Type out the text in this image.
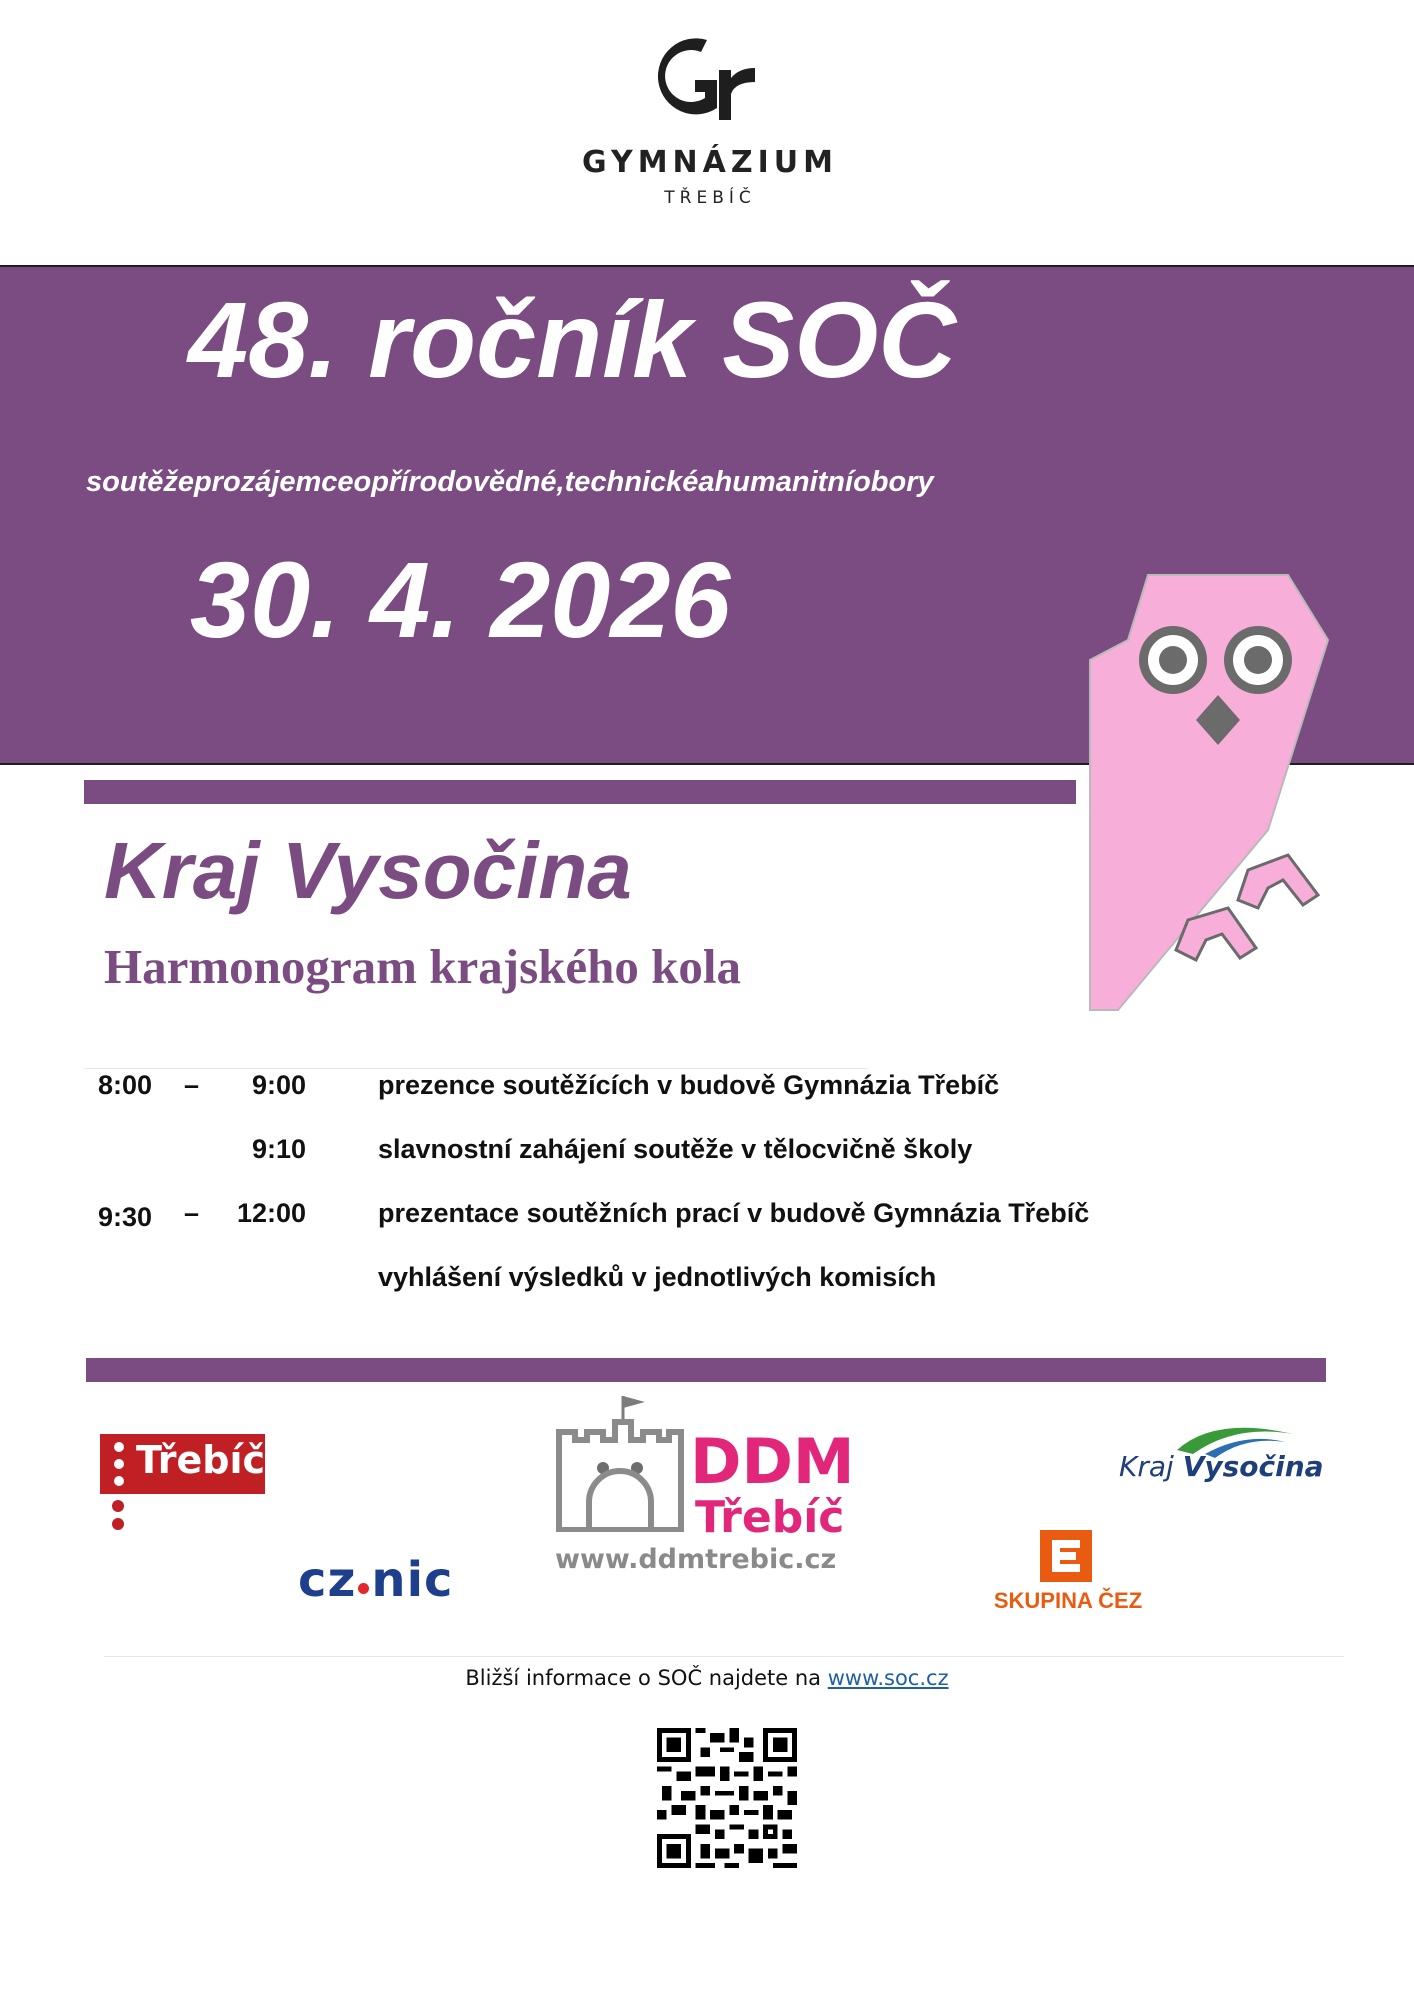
GYMNÁZIUM
TŘEBÍČ
48. ročník SOČ
soutěžeprozájemceopřírodovědné,technickéahumanitníobory
30. 4. 2026
Kraj Vysočina
Harmonogram krajského kola
8:00 – 9:00	prezence soutěžících v budově Gymnázia Třebíč
9:10	slavnostní zahájení soutěže v tělocvičně školy
9:30 – 12:00	prezentace soutěžních prací v budově Gymnázia Třebíč
vyhlášení výsledků v jednotlivých komisích
Třebíč
cz nic
DDM
Třebíč
www.ddmtrebic.cz
Kraj Vysočina
SKUPINA ČEZ
Bližší informace o SOČ najdete na www.soc.cz
